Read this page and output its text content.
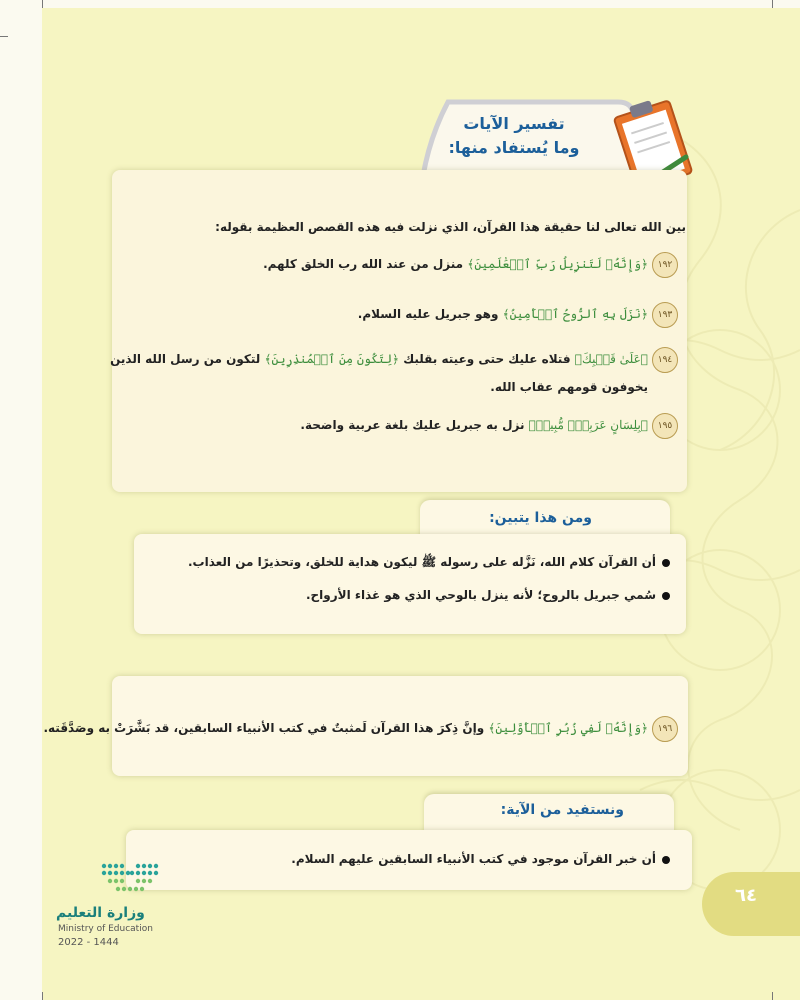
تفسير الآيات
وما يُستفاد منها:
بين الله تعالى لنا حقيقة هذا القرآن، الذي نزلت فيه هذه القصص العظيمة بقوله:
١٩٢
﴿وَإِنَّهُۥ لَتَنزِيلُ رَبِّ ٱلۡعَٰلَمِينَ﴾ منزل من عند الله رب الخلق كلهم.
١٩٣
﴿نَزَلَ بِهِ ٱلرُّوحُ ٱلۡأَمِينُ﴾ وهو جبريل عليه السلام.
١٩٤
﴿عَلَىٰ قَلۡبِكَ﴾ فتلاه عليك حتى وعيته بقلبك ﴿لِتَكُونَ مِنَ ٱلۡمُنذِرِينَ﴾ لتكون من رسل الله الذين
يخوفون قومهم عقاب الله.
١٩٥
﴿بِلِسَانٍ عَرَبِيّٖ مُّبِينٖ﴾ نزل به جبريل عليك بلغة عربية واضحة.
ومن هذا يتبين:
أن القرآن كلام الله، نَزَّله على رسوله ﷺ ليكون هداية للخلق، وتحذيرًا من العذاب.
سُمي جبريل بالروح؛ لأنه ينزل بالوحي الذي هو غذاء الأرواح.
١٩٦
﴿وَإِنَّهُۥ لَفِي زُبُرِ ٱلۡأَوَّلِينَ﴾ وإنَّ ذِكرَ هذا القرآن لَمثبتٌ في كتب الأنبياء السابقين، قد بَشَّرَتْ به وصَدَّقَته.
ونستفيد من الآية:
أن خبر القرآن موجود في كتب الأنبياء السابقين عليهم السلام.
٦٤
وزارة التعليم
Ministry of Education
2022 - 1444
